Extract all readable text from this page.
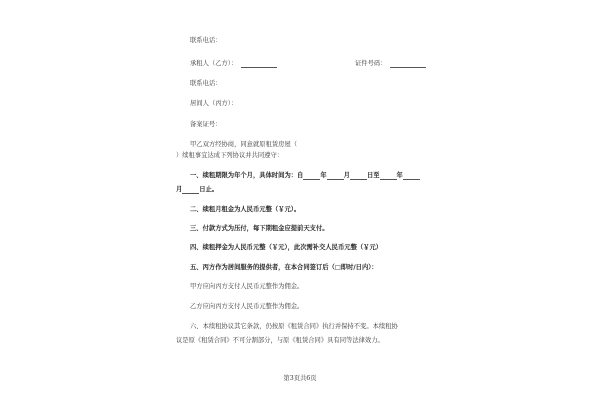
联系电话：
承租人（乙方）：	证件号码：
联系电话：
居间人（丙方）：
备案证号：
甲乙双方经协商，同意就原租赁房屋（
）续租事宜达成下列协议并共同遵守：
一、续租期限为年个月，具体时间为：自	年	月	日至	年
月	日止。
二、续租月租金为人民币元整（￥元）。
三、付款方式为压付，每下期租金应提前天支付。
四、续租押金为人民币元整（￥元），此次需补交人民币元整（￥元）
五、丙方作为居间服务的提供者，在本合同签订后（□即时/日内）：
甲方应向丙方支付人民币元整作为佣金。
乙方应向丙方支付人民币元整作为佣金。
六、本续租协议其它条款，仍按原《租赁合同》执行并保持不变。本续租协
议是原《租赁合同》不可分割部分，与原《租赁合同》具有同等法律效力。
第3页共6页
